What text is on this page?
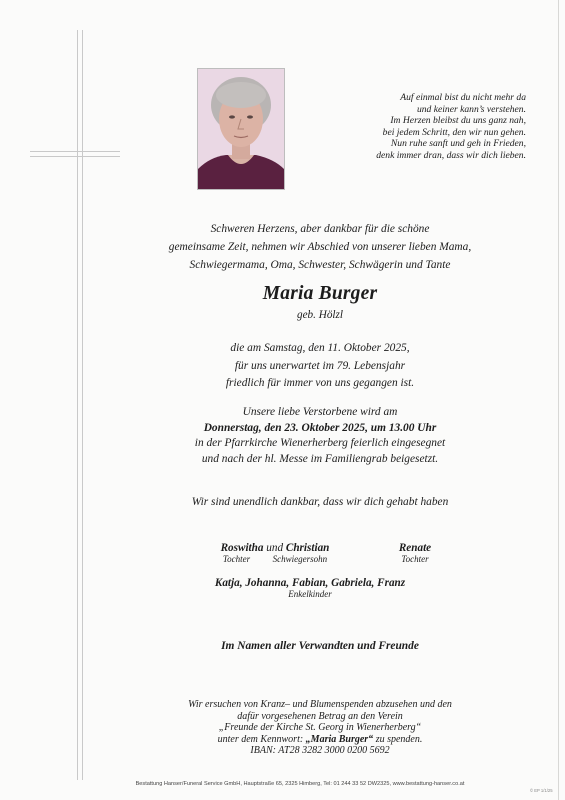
Auf einmal bist du nicht mehr da
und keiner kann’s verstehen.
Im Herzen bleibst du uns ganz nah,
bei jedem Schritt, den wir nun gehen.
Nun ruhe sanft und geh in Frieden,
denk immer dran, dass wir dich lieben.
Schweren Herzens, aber dankbar für die schöne
gemeinsame Zeit, nehmen wir Abschied von unserer lieben Mama,
Schwiegermama, Oma, Schwester, Schwägerin und Tante
Maria Burger
geb. Hölzl
die am Samstag, den 11. Oktober 2025,
für uns unerwartet im 79. Lebensjahr
friedlich für immer von uns gegangen ist.
Unsere liebe Verstorbene wird am
Donnerstag, den 23. Oktober 2025, um 13.00 Uhr
in der Pfarrkirche Wienerherberg feierlich eingesegnet
und nach der hl. Messe im Familiengrab beigesetzt.
Wir sind unendlich dankbar, dass wir dich gehabt haben
Roswitha und Christian
Tochter          Schwiegersohn
Renate
Tochter
Katja, Johanna, Fabian, Gabriela, Franz
Enkelkinder
Im Namen aller Verwandten und Freunde
Wir ersuchen von Kranz– und Blumenspenden abzusehen und den
dafür vorgesehenen Betrag an den Verein
„Freunde der Kirche St. Georg in Wienerherberg“
unter dem Kennwort: „Maria Burger“ zu spenden.
IBAN: AT28 3282 3000 0200 5692
Bestattung Hanser/Funeral Service GmbH, Hauptstraße 65, 2325 Himberg, Tel: 01 244 33 52 DW2325, www.bestattung-hanser.co.at
© EP 1/1/25
